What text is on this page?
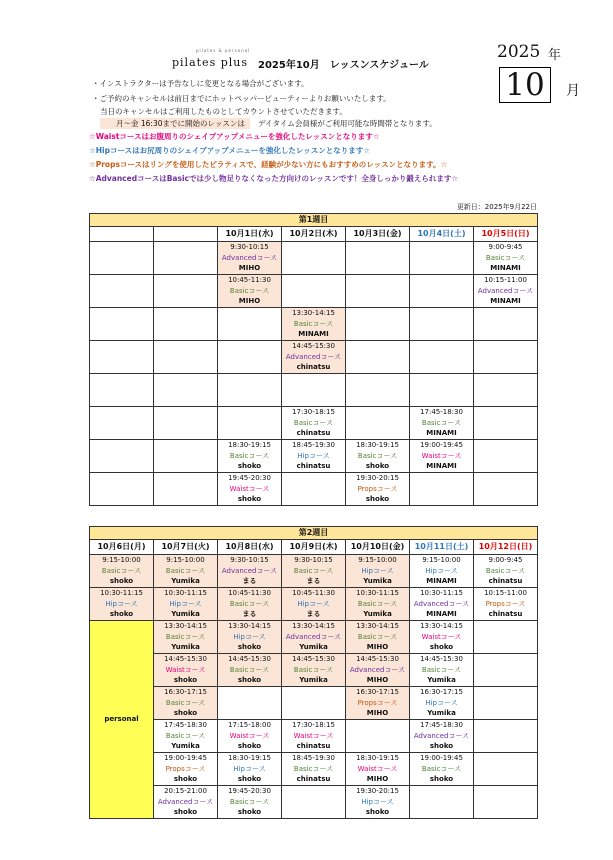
pilates & personal
pilates plus 2025年10月　レッスンスケジュール
2025 年
10	月
・インストラクターは予告なしに変更となる場合がございます。
・ご予約のキャンセルは前日までにホットペッパービューティーよりお願いいたします。
当日のキャンセルはご利用したものとしてカウントさせていただきます。
月～金 16:30までに開始のレッスンは	デイタイム会員様がご利用可能な時間帯となります。
☆Waistコースはお腹周りのシェイプアップメニューを強化したレッスンとなります☆
☆Hipコースはお尻周りのシェイプアップメニューを強化したレッスンとなります☆
☆Propsコースはリングを使用したピラティスで、経験が少ない方にもおすすめのレッスンとなります。☆
☆AdvancedコースはBasicでは少し物足りなくなった方向けのレッスンです！全身しっかり鍛えられます☆
更新日：2025年9月22日
第1週目						
		10月1日(水)	10月2日(木)	10月3日(金)	10月4日(土)	10月5日(日)

		9:30-10:15
Advancedコース
MIHO				9:00-9:45
Basicコース
MINAMI

		10:45-11:30
Basicコース
MIHO				10:15-11:00
Advancedコース
MINAMI

			13:30-14:15
Basicコース
MINAMI			

			14:45-15:30
Advancedコース
chinatsu			

			17:30-18:15
Basicコース
chinatsu		17:45-18:30
Basicコース
MINAMI	

		18:30-19:15
Basicコース
shoko	18:45-19:30
Hipコース
chinatsu	18:30-19:15
Basicコース
shoko	19:00-19:45
Waistコース
MINAMI	

		19:45-20:30
Waistコース
shoko		19:30-20:15
Propsコース
shoko		

第2週目						
10月6日(月)	10月7日(火)	10月8日(水)	10月9日(木)	10月10日(金)	10月11日(土)	10月12日(日)

9:15-10:00
Basicコース
shoko	9:15-10:00
Basicコース
Yumika	9:30-10:15
Advancedコース
まる	9:30-10:15
Basicコース
まる	9:15-10:00
Hipコース
Yumika	9:15-10:00
Hipコース
MINAMI	9:00-9:45
Basicコース
chinatsu

10:30-11:15
Hipコース
shoko	10:30-11:15
Hipコース
Yumika	10:45-11:30
Basicコース
まる	10:45-11:30
Hipコース
まる	10:30-11:15
Basicコース
Yumika	10:30-11:15
Advancedコース
MINAMI	10:15-11:00
Propsコース
chinatsu

personal	13:30-14:15
Basicコース
Yumika	13:30-14:15
Hipコース
shoko	13:30-14:15
Advancedコース
Yumika	13:30-14:15
Basicコース
MIHO	13:30-14:15
Waistコース
shoko	

	14:45-15:30
Waistコース
shoko	14:45-15:30
Basicコース
shoko	14:45-15:30
Basicコース
Yumika	14:45-15:30
Advancedコース
MIHO	14:45-15:30
Basicコース
Yumika	

	16:30-17:15
Basicコース
shoko			16:30-17:15
Propsコース
MIHO	16:30-17:15
Hipコース
Yumika	

	17:45-18:30
Basicコース
Yumika	17:15-18:00
Waistコース
shoko	17:30-18:15
Waistコース
chinatsu		17:45-18:30
Advancedコース
shoko	

	19:00-19:45
Propsコース
shoko	18:30-19:15
Hipコース
shoko	18:45-19:30
Basicコース
chinatsu	18:30-19:15
Waistコース
MIHO	19:00-19:45
Basicコース
shoko	

	20:15-21:00
Advancedコース
shoko	19:45-20:30
Basicコース
shoko		19:30-20:15
Hipコース
shoko		
